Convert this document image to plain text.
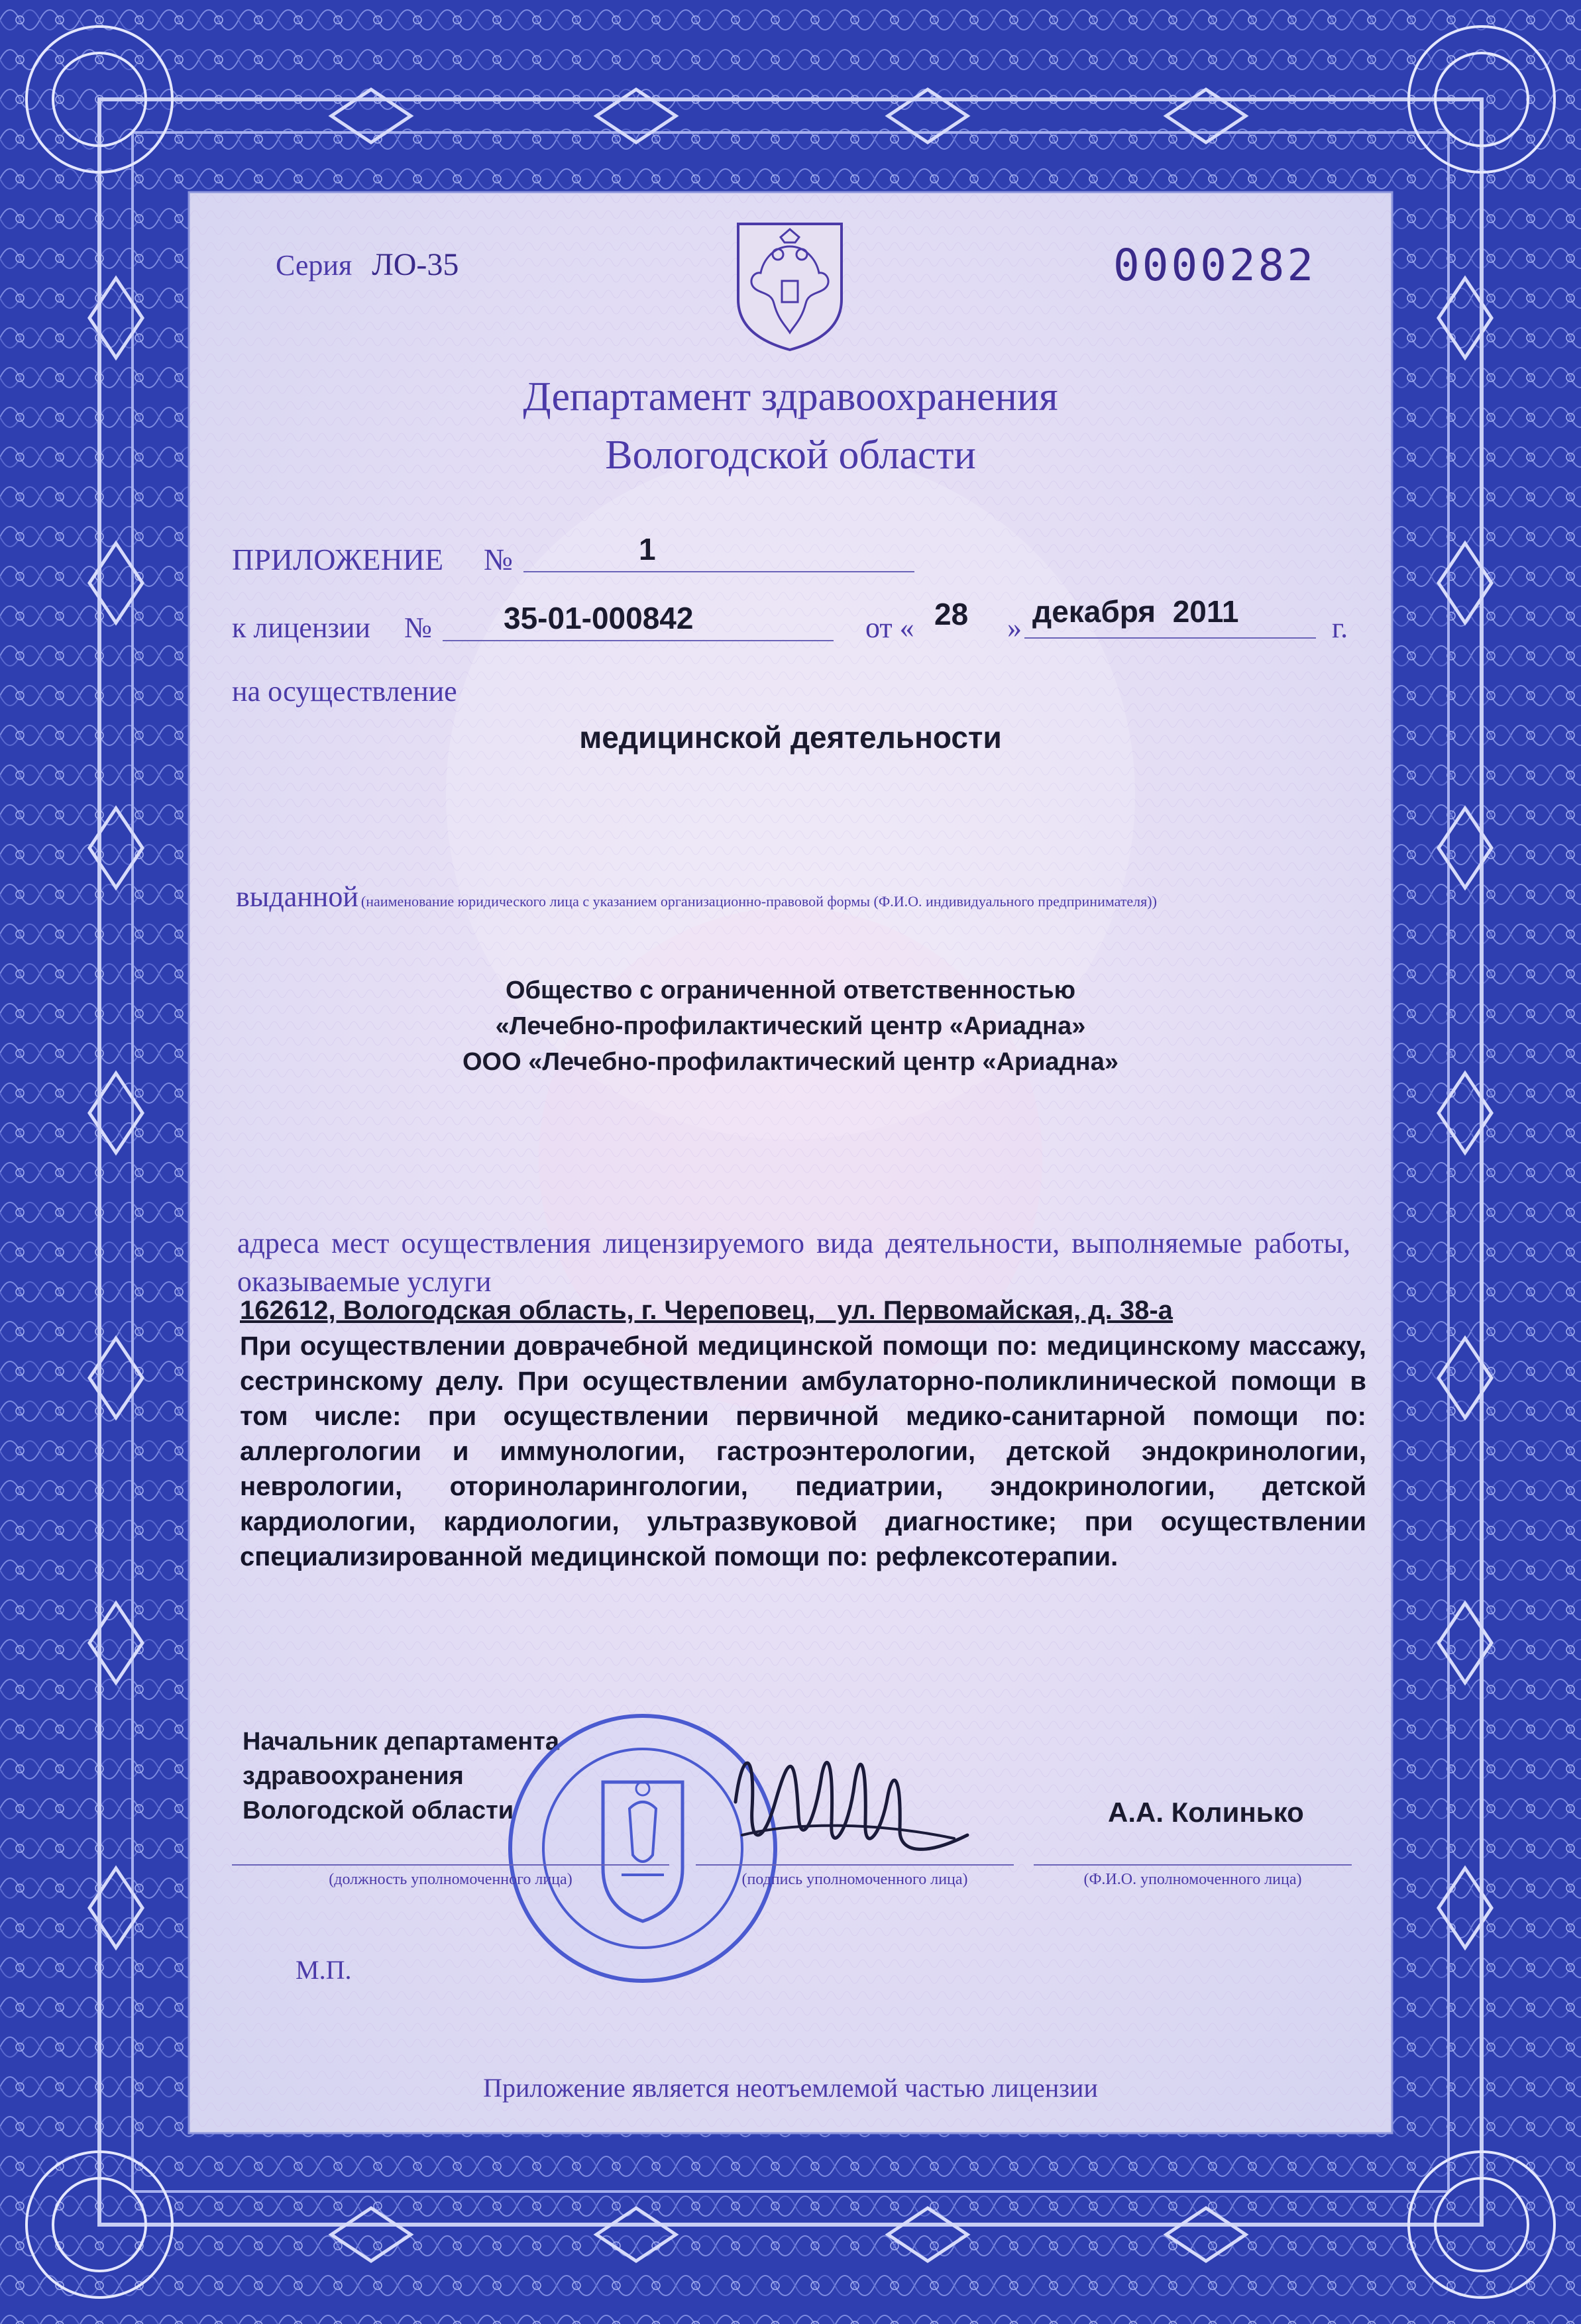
Серия ЛО-35	0000282
Департамент здравоохранения
Вологодской области
ПРИЛОЖЕНИЕ №	1
к лицензии № 35-01-000842	от « 28 » декабря  2011	г.
на осуществление
медицинской деятельности
выданной (наименование юридического лица с указанием организационно-правовой формы (Ф.И.О. индивидуального предпринимателя))
Общество с ограниченной ответственностью
«Лечебно-профилактический центр «Ариадна»
ООО «Лечебно-профилактический центр «Ариадна»
адреса мест осуществления лицензируемого вида деятельности, выполняемые работы, оказываемые услуги
162612, Вологодская область, г. Череповец,   ул. Первомайская, д. 38-а
При осуществлении доврачебной медицинской помощи по: медицинскому массажу, сестринскому делу. При осуществлении амбулаторно-поликлинической помощи в том числе: при осуществлении первичной медико-санитарной помощи по: аллергологии и иммунологии, гастроэнтерологии, детской эндокринологии, неврологии, оториноларингологии, педиатрии, эндокринологии, детской кардиологии, кардиологии, ультразвуковой диагностике; при осуществлении специализированной медицинской помощи по: рефлексотерапии.
Начальник департамента
здравоохранения
Вологодской области	А.А. Колинько
(должность уполномоченного лица)	(подпись уполномоченного лица)	(Ф.И.О. уполномоченного лица)
М.П.
Приложение является неотъемлемой частью лицензии
